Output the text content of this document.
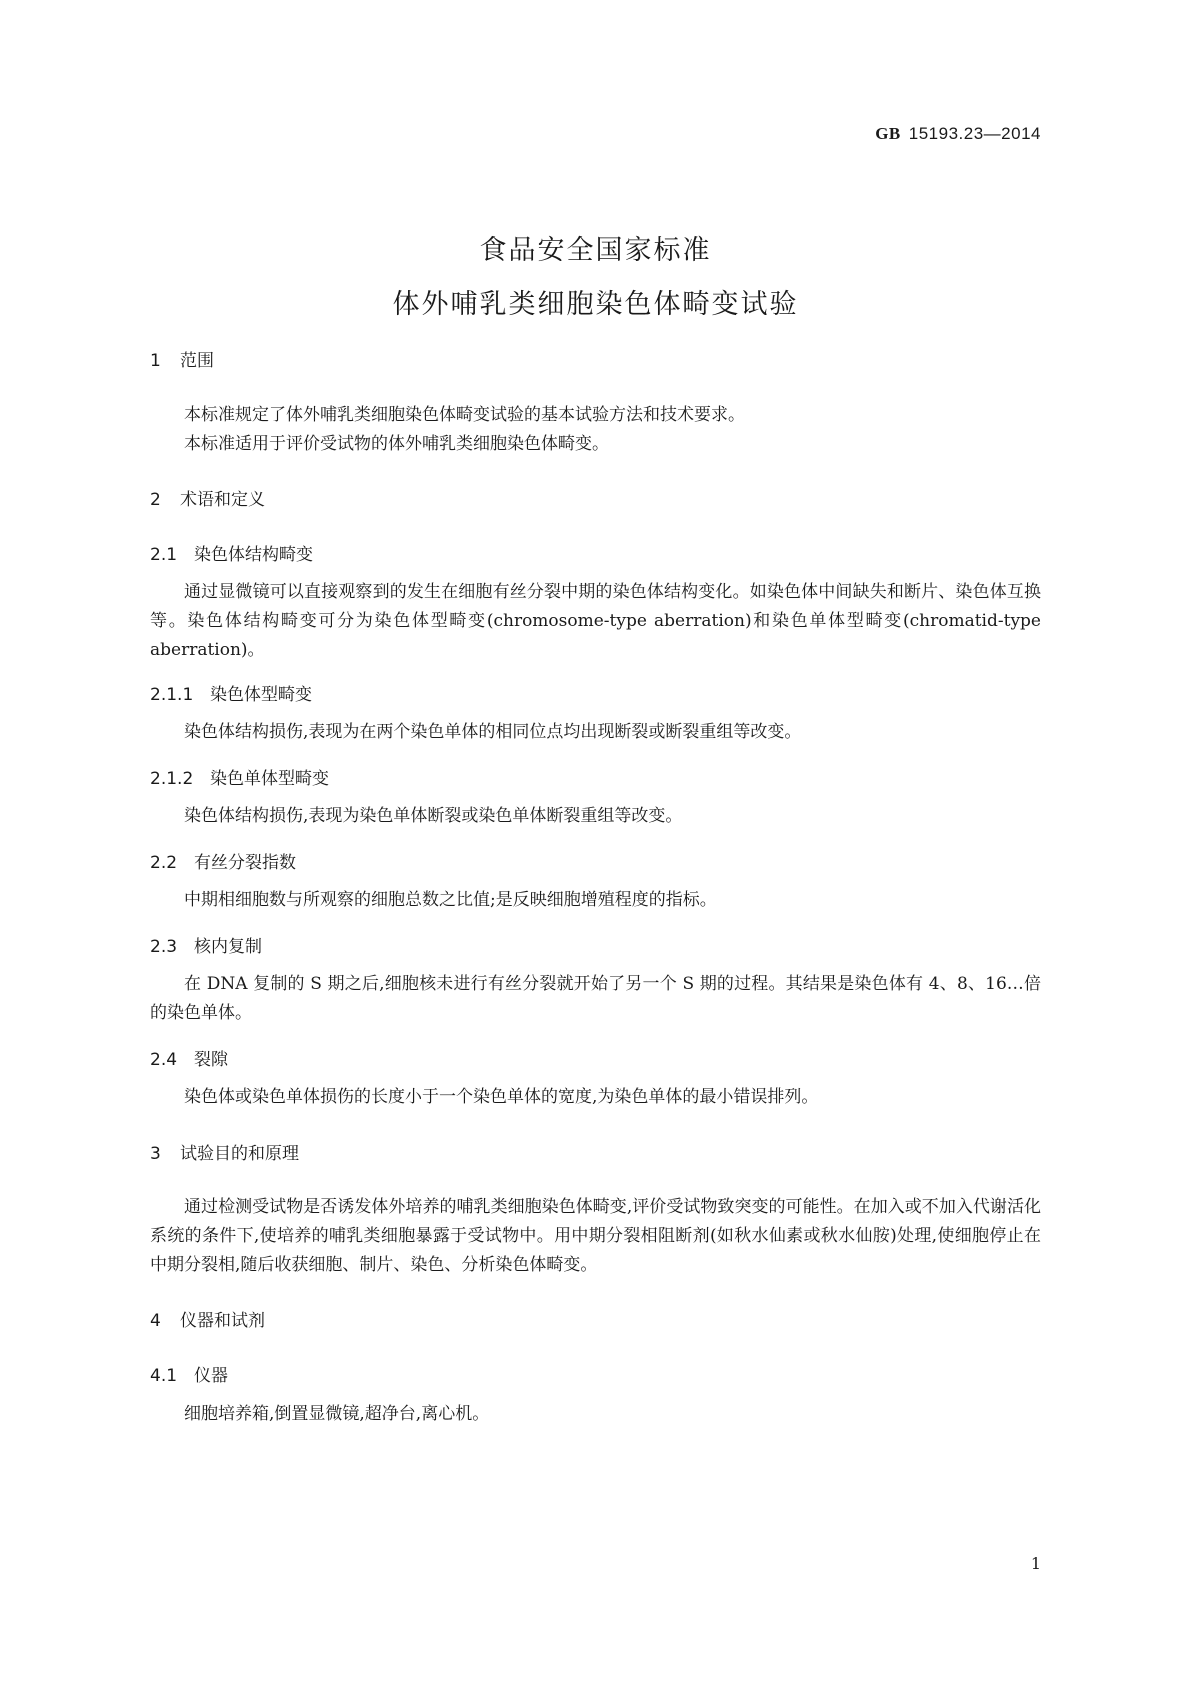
GB 15193.23—2014
食品安全国家标准
体外哺乳类细胞染色体畸变试验
1 范围
本标准规定了体外哺乳类细胞染色体畸变试验的基本试验方法和技术要求。
本标准适用于评价受试物的体外哺乳类细胞染色体畸变。
2 术语和定义
2.1 染色体结构畸变
通过显微镜可以直接观察到的发生在细胞有丝分裂中期的染色体结构变化。如染色体中间缺失和断片、染色体互换等。染色体结构畸变可分为染色体型畸变(chromosome-type aberration)和染色单体型畸变(chromatid-type aberration)。
2.1.1 染色体型畸变
染色体结构损伤,表现为在两个染色单体的相同位点均出现断裂或断裂重组等改变。
2.1.2 染色单体型畸变
染色体结构损伤,表现为染色单体断裂或染色单体断裂重组等改变。
2.2 有丝分裂指数
中期相细胞数与所观察的细胞总数之比值;是反映细胞增殖程度的指标。
2.3 核内复制
在 DNA 复制的 S 期之后,细胞核未进行有丝分裂就开始了另一个 S 期的过程。其结果是染色体有 4、8、16…倍的染色单体。
2.4 裂隙
染色体或染色单体损伤的长度小于一个染色单体的宽度,为染色单体的最小错误排列。
3 试验目的和原理
通过检测受试物是否诱发体外培养的哺乳类细胞染色体畸变,评价受试物致突变的可能性。在加入或不加入代谢活化系统的条件下,使培养的哺乳类细胞暴露于受试物中。用中期分裂相阻断剂(如秋水仙素或秋水仙胺)处理,使细胞停止在中期分裂相,随后收获细胞、制片、染色、分析染色体畸变。
4 仪器和试剂
4.1 仪器
细胞培养箱,倒置显微镜,超净台,离心机。
1
